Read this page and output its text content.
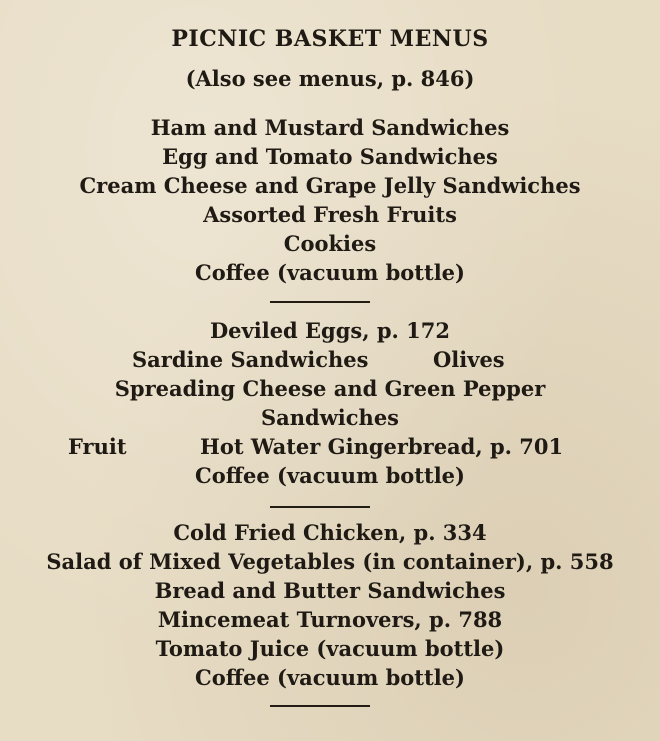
PICNIC BASKET MENUS
(Also see menus, p. 846)
Ham and Mustard Sandwiches
Egg and Tomato Sandwiches
Cream Cheese and Grape Jelly Sandwiches
Assorted Fresh Fruits
Cookies
Coffee (vacuum bottle)
Deviled Eggs, p. 172
Sardine Sandwiches	Olives
Spreading Cheese and Green Pepper
Sandwiches
Fruit	Hot Water Gingerbread, p. 701
Coffee (vacuum bottle)
Cold Fried Chicken, p. 334
Salad of Mixed Vegetables (in container), p. 558
Bread and Butter Sandwiches
Mincemeat Turnovers, p. 788
Tomato Juice (vacuum bottle)
Coffee (vacuum bottle)
